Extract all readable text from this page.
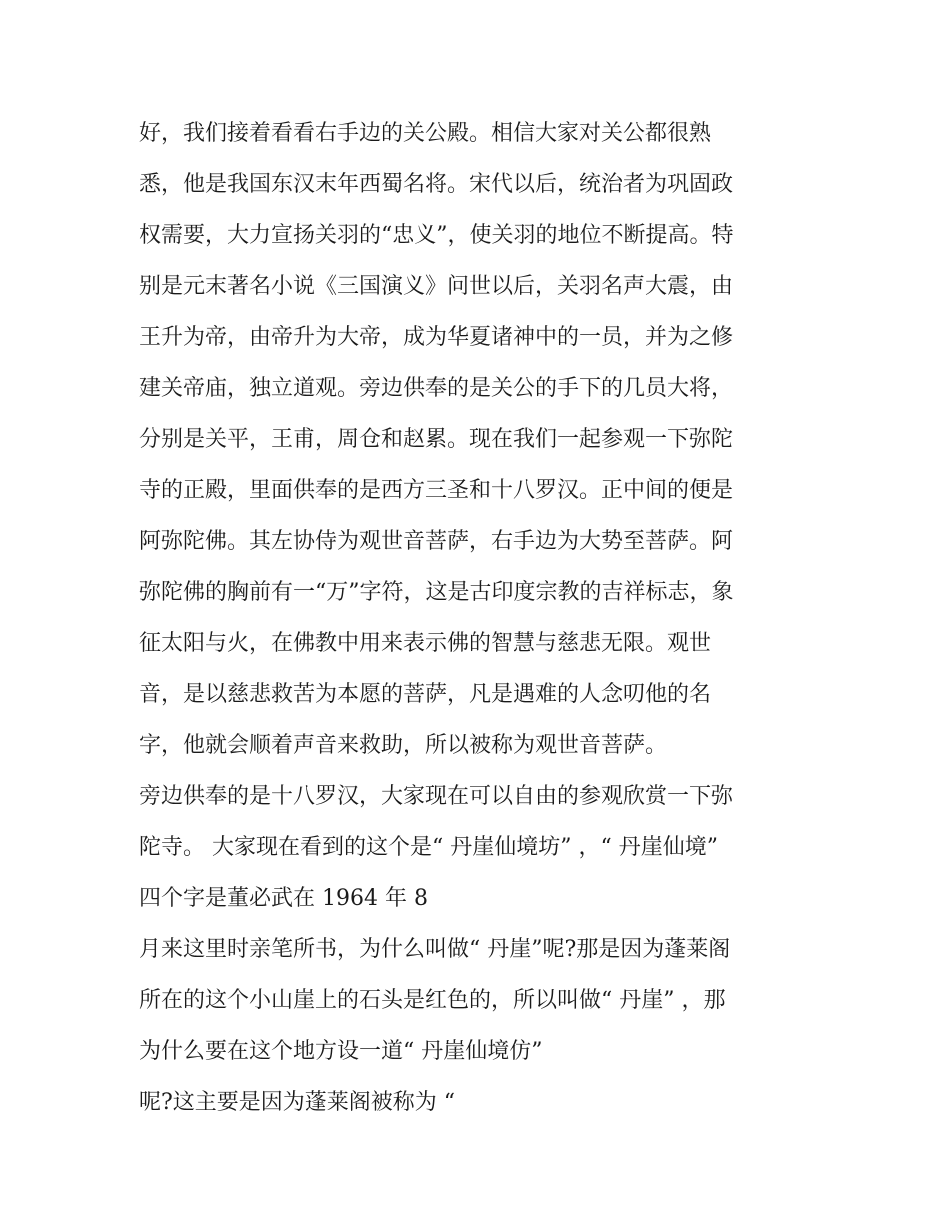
好，我们接着看看右手边的关公殿。相信大家对关公都很熟
悉，他是我国东汉末年西蜀名将。宋代以后，统治者为巩固政
权需要，大力宣扬关羽的“忠义”，使关羽的地位不断提高。特
别是元末著名小说《三国演义》问世以后，关羽名声大震，由
王升为帝，由帝升为大帝，成为华夏诸神中的一员，并为之修
建关帝庙，独立道观。旁边供奉的是关公的手下的几员大将，
分别是关平，王甫，周仓和赵累。现在我们一起参观一下弥陀
寺的正殿，里面供奉的是西方三圣和十八罗汉。正中间的便是
阿弥陀佛。其左协侍为观世音菩萨，右手边为大势至菩萨。阿
弥陀佛的胸前有一“万”字符，这是古印度宗教的吉祥标志，象
征太阳与火，在佛教中用来表示佛的智慧与慈悲无限。观世
音，是以慈悲救苦为本愿的菩萨，凡是遇难的人念叨他的名
字，他就会顺着声音来救助，所以被称为观世音菩萨。
旁边供奉的是十八罗汉，大家现在可以自由的参观欣赏一下弥
陀寺。 大家现在看到的这个是“ 丹崖仙境坊” ，“ 丹崖仙境”
四个字是董必武在 1964 年 8
月来这里时亲笔所书，为什么叫做“ 丹崖”呢?那是因为蓬莱阁
所在的这个小山崖上的石头是红色的，所以叫做“ 丹崖” ，那
为什么要在这个地方设一道“ 丹崖仙境仿”
呢?这主要是因为蓬莱阁被称为 “
